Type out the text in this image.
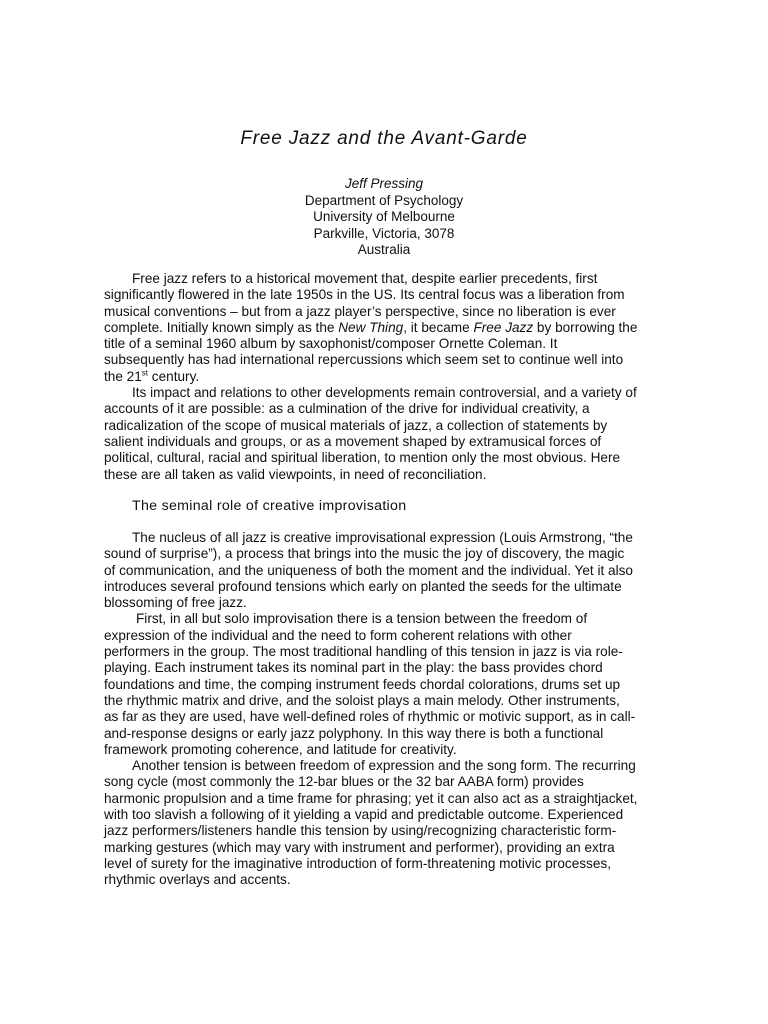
Free Jazz and the Avant-Garde
Jeff Pressing
Department of Psychology
University of Melbourne
Parkville, Victoria, 3078
Australia
Free jazz refers to a historical movement that, despite earlier precedents, first
significantly flowered in the late 1950s in the US. Its central focus was a liberation from
musical conventions – but from a jazz player’s perspective, since no liberation is ever
complete. Initially known simply as the New Thing, it became Free Jazz by borrowing the
title of a seminal 1960 album by saxophonist/composer Ornette Coleman. It
subsequently has had international repercussions which seem set to continue well into
the 21st century.
Its impact and relations to other developments remain controversial, and a variety of
accounts of it are possible: as a culmination of the drive for individual creativity, a
radicalization of the scope of musical materials of jazz, a collection of statements by
salient individuals and groups, or as a movement shaped by extramusical forces of
political, cultural, racial and spiritual liberation, to mention only the most obvious. Here
these are all taken as valid viewpoints, in need of reconciliation.
The seminal role of creative improvisation
The nucleus of all jazz is creative improvisational expression (Louis Armstrong, “the
sound of surprise”), a process that brings into the music the joy of discovery, the magic
of communication, and the uniqueness of both the moment and the individual. Yet it also
introduces several profound tensions which early on planted the seeds for the ultimate
blossoming of free jazz.
First, in all but solo improvisation there is a tension between the freedom of
expression of the individual and the need to form coherent relations with other
performers in the group. The most traditional handling of this tension in jazz is via role-
playing. Each instrument takes its nominal part in the play: the bass provides chord
foundations and time, the comping instrument feeds chordal colorations, drums set up
the rhythmic matrix and drive, and the soloist plays a main melody. Other instruments,
as far as they are used, have well-defined roles of rhythmic or motivic support, as in call-
and-response designs or early jazz polyphony. In this way there is both a functional
framework promoting coherence, and latitude for creativity.
Another tension is between freedom of expression and the song form. The recurring
song cycle (most commonly the 12-bar blues or the 32 bar AABA form) provides
harmonic propulsion and a time frame for phrasing; yet it can also act as a straightjacket,
with too slavish a following of it yielding a vapid and predictable outcome. Experienced
jazz performers/listeners handle this tension by using/recognizing characteristic form-
marking gestures (which may vary with instrument and performer), providing an extra
level of surety for the imaginative introduction of form-threatening motivic processes,
rhythmic overlays and accents.
